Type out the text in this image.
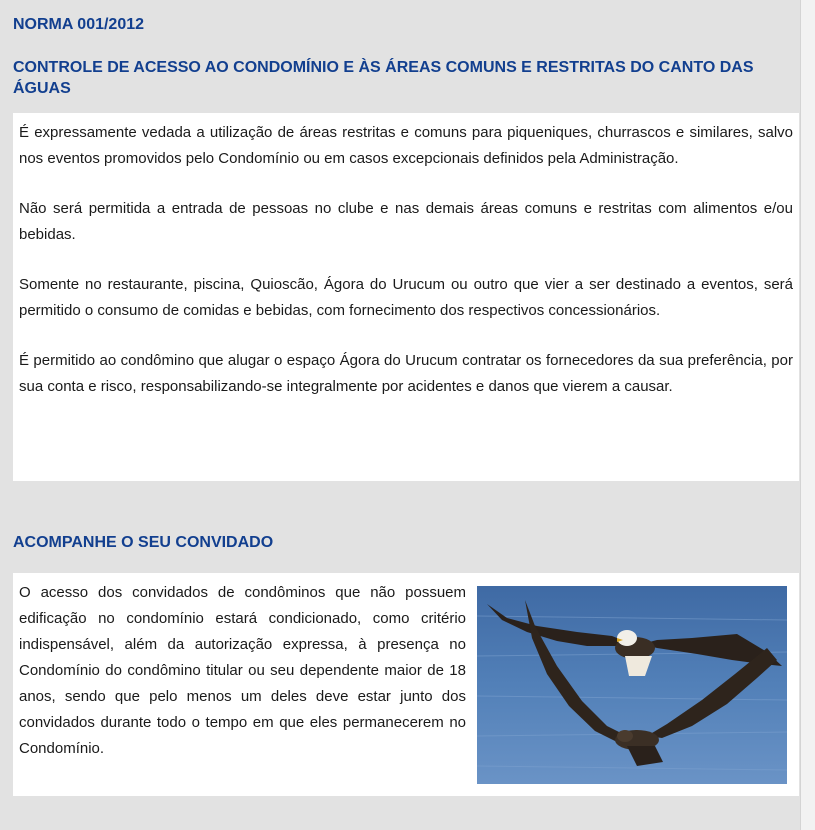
NORMA 001/2012
CONTROLE DE ACESSO AO CONDOMÍNIO E ÀS ÁREAS COMUNS E RESTRITAS DO CANTO DAS ÁGUAS

É expressamente vedada a utilização de áreas restritas e comuns para piqueniques, churrascos e similares, salvo nos eventos promovidos pelo Condomínio ou em casos excepcionais definidos pela Administração.

Não será permitida a entrada de pessoas no clube e nas demais áreas comuns e restritas com alimentos e/ou bebidas.

Somente no restaurante, piscina, Quioscão, Ágora do Urucum ou outro que vier a ser destinado a eventos, será permitido o consumo de comidas e bebidas, com fornecimento dos respectivos concessionários.

É permitido ao condômino que alugar o espaço Ágora do Urucum contratar os fornecedores da sua preferência, por sua conta e risco, responsabilizando-se integralmente por acidentes e danos que vierem a causar.

ACOMPANHE O SEU CONVIDADO

O acesso dos convidados de condôminos que não possuem edificação no condomínio estará condicionado, como critério indispensável, além da autorização expressa, à presença no Condomínio do condômino titular ou seu dependente maior de 18 anos, sendo que pelo menos um deles deve estar junto dos convidados durante todo o tempo em que eles permanecerem no Condomínio.
